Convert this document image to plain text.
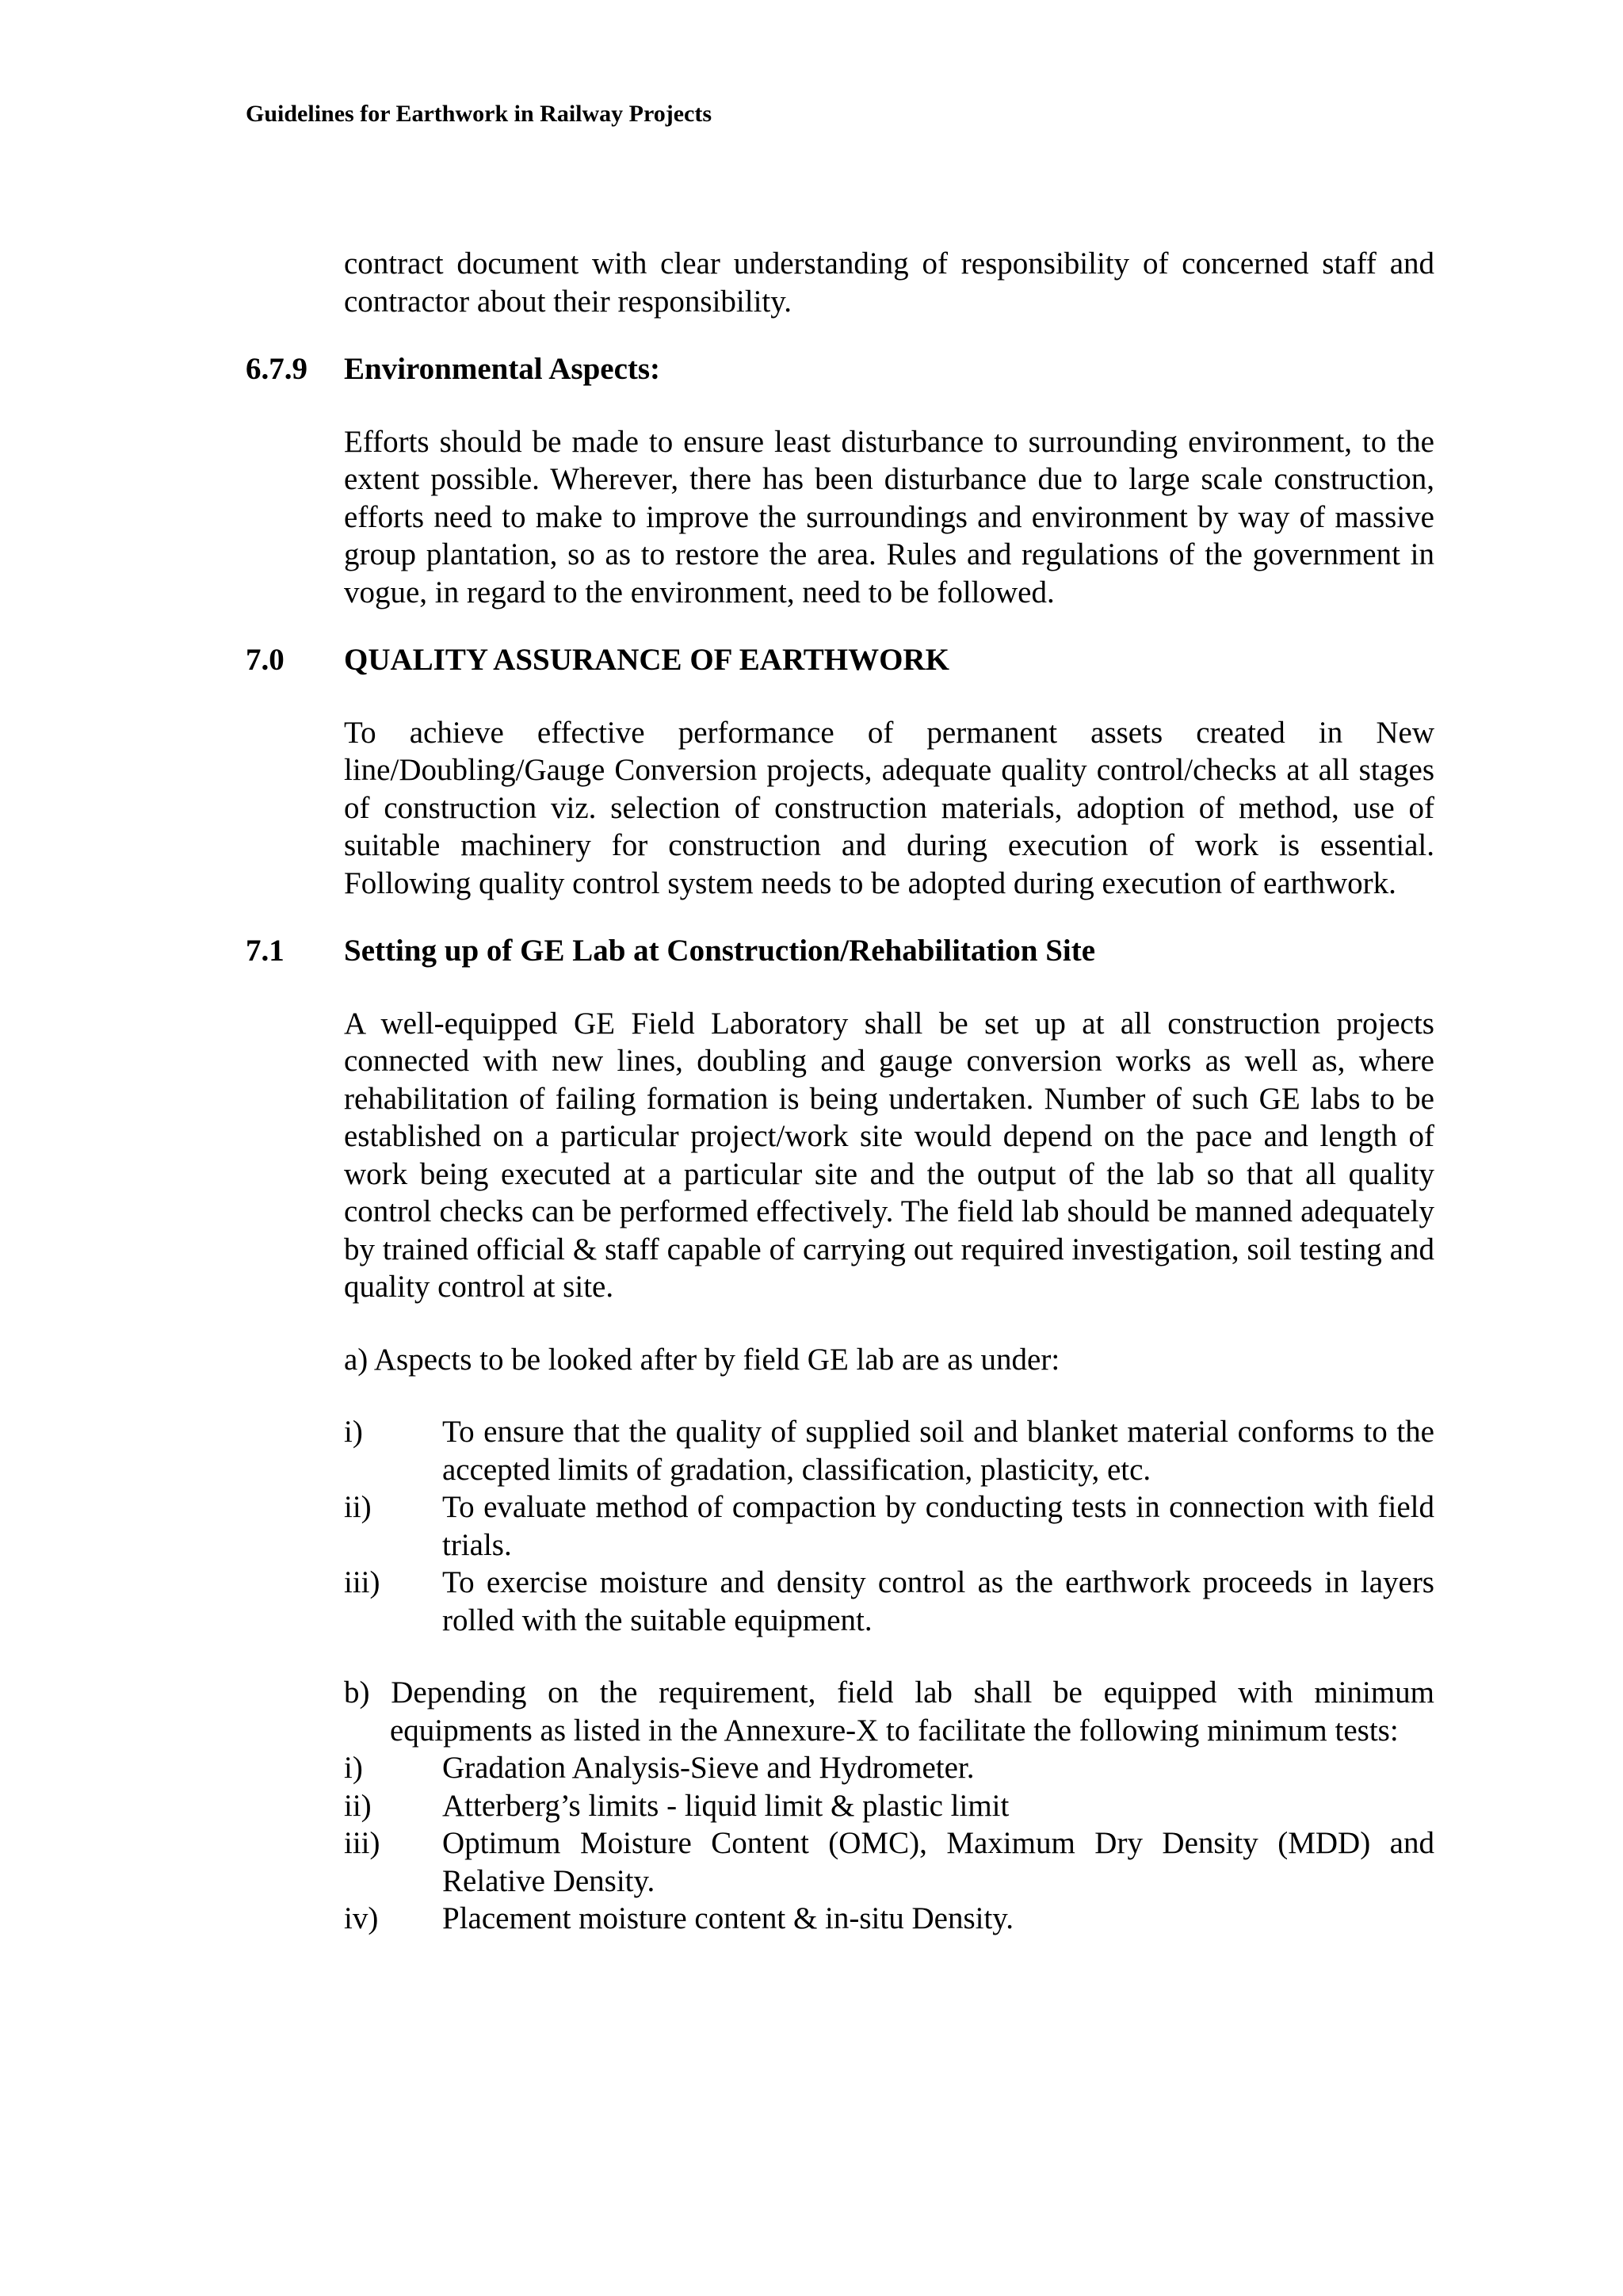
Guidelines for Earthwork in Railway Projects

contract document with clear understanding of responsibility of concerned staff and contractor about their responsibility.

6.7.9	Environmental Aspects:

Efforts should be made to ensure least disturbance to surrounding environment, to the extent possible. Wherever, there has been disturbance due to large scale construction, efforts need to make to improve the surroundings and environment by way of massive group plantation, so as to restore the area. Rules and regulations of the government in vogue, in regard to the environment, need to be followed.

7.0	QUALITY ASSURANCE OF EARTHWORK

To achieve effective performance of permanent assets created in New line/Doubling/Gauge Conversion projects, adequate quality control/checks at all stages of construction viz. selection of construction materials, adoption of method, use of suitable machinery for construction and during execution of work is essential. Following quality control system needs to be adopted during execution of earthwork.

7.1	Setting up of GE Lab at Construction/Rehabilitation Site

A well-equipped GE Field Laboratory shall be set up at all construction projects connected with new lines, doubling and gauge conversion works as well as, where rehabilitation of failing formation is being undertaken. Number of such GE labs to be established on a particular project/work site would depend on the pace and length of work being executed at a particular site and the output of the lab so that all quality control checks can be performed effectively. The field lab should be manned adequately by trained official & staff capable of carrying out required investigation, soil testing and quality control at site.

a) Aspects to be looked after by field GE lab are as under:

i)	To ensure that the quality of supplied soil and blanket material conforms to the accepted limits of gradation, classification, plasticity, etc.
ii)	To evaluate method of compaction by conducting tests in connection with field trials.
iii)	To exercise moisture and density control as the earthwork proceeds in layers rolled with the suitable equipment.

b) Depending on the requirement, field lab shall be equipped with minimum equipments as listed in the Annexure-X to facilitate the following minimum tests:

i)	Gradation Analysis-Sieve and Hydrometer.
ii)	Atterberg’s limits - liquid limit & plastic limit
iii)	Optimum Moisture Content (OMC), Maximum Dry Density (MDD) and Relative Density.
iv)	Placement moisture content & in-situ Density.
